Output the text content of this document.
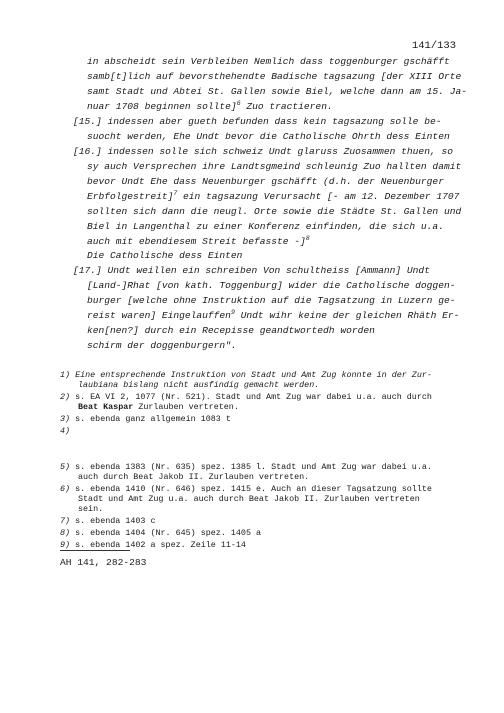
141/133
in abscheidt sein Verbleiben Nemlich dass toggenburger gschäfft
samb[t]lich auf bevorsthehendte Badische tagsazung [der XIII Orte
samt Stadt und Abtei St. Gallen sowie Biel, welche dann am 15. Ja-
nuar 1708 beginnen sollte]$^6$ Zuo tractieren.
[15.] indessen aber gueth befunden dass kein tagsazung solle be-
suocht werden, Ehe Undt bevor die Catholische Ohrth dess Einten
[16.] indessen solle sich schweiz Undt glaruss Zuosammen thuen, so
sy auch Versprechen ihre Landtsgmeind schleunig Zuo hallten damit
bevor Undt Ehe dass Neuenburger gschäfft (d.h. der Neuenburger
Erbfolgestreit]$^7$ ein tagsazung Verursacht [- am 12. Dezember 1707
sollten sich dann die neugl. Orte sowie die Städte St. Gallen und
Biel in Langenthal zu einer Konferenz einfinden, die sich u.a.
auch mit ebendiesem Streit befasste -]$^8$
Die Catholische dess Einten
[17.] Undt weillen ein schreiben Von schultheiss [Ammann] Undt
[Land-]Rhat [von kath. Toggenburg] wider die Catholische doggen-
burger [welche ohne Instruktion auf die Tagsatzung in Luzern ge-
reist waren] Eingelauffen$^9$ Undt wihr keine der gleichen Rhäth Er-
ken[nen?] durch ein Recepisse geandtwortedh worden
schirm der doggenburgern".
1) Eine entsprechende Instruktion von Stadt und Amt Zug konnte in der Zur-
laubiana bislang nicht ausfindig gemacht werden.
2) s. EA VI 2, 1077 (Nr. 521). Stadt und Amt Zug war dabei u.a. auch durch
Beat Kaspar Zurlauben vertreten.
3) s. ebenda ganz allgemein 1083 t
4)
5) s. ebenda 1383 (Nr. 635) spez. 1385 l. Stadt und Amt Zug war dabei u.a.
auch durch Beat Jakob II. Zurlauben vertreten.
6) s. ebenda 1410 (Nr. 646) spez. 1415 e. Auch an dieser Tagsatzung sollte
Stadt und Amt Zug u.a. auch durch Beat Jakob II. Zurlauben vertreten
sein.
7) s. ebenda 1403 c
8) s. ebenda 1404 (Nr. 645) spez. 1405 a
9) s. ebenda 1402 a spez. Zeile 11-14
AH 141, 282-283
